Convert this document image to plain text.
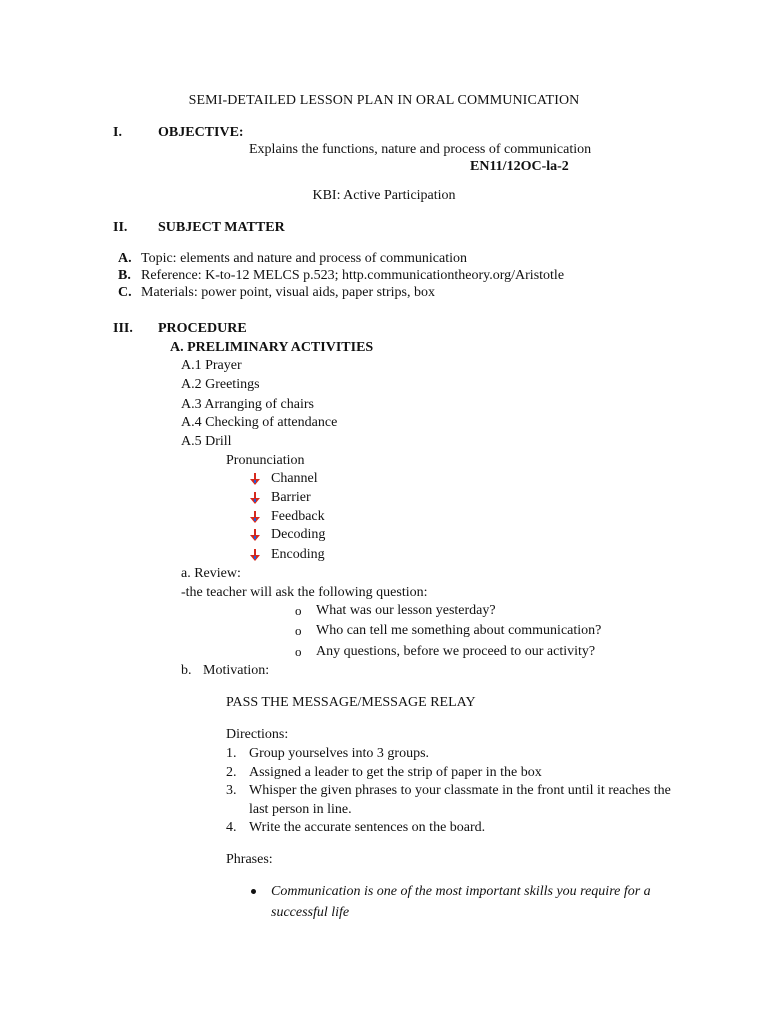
SEMI-DETAILED LESSON PLAN IN ORAL COMMUNICATION
I.	OBJECTIVE:
Explains the functions, nature and process of communication
EN11/12OC-la-2
KBI: Active Participation
II. SUBJECT MATTER
A. Topic: elements and nature and process of communication
B. Reference: K-to-12 MELCS p.523; http.communicationtheory.org/Aristotle
C. Materials: power point, visual aids, paper strips, box
III. PROCEDURE
A. PRELIMINARY ACTIVITIES
A.1 Prayer
A.2 Greetings
A.3 Arranging of chairs
A.4 Checking of attendance
A.5 Drill
Pronunciation
Channel
Barrier
Feedback
Decoding
Encoding
a. Review:
-the teacher will ask the following question:
o What was our lesson yesterday?
o Who can tell me something about communication?
o Any questions, before we proceed to our activity?
b. Motivation:
PASS THE MESSAGE/MESSAGE RELAY
Directions:
1. Group yourselves into 3 groups.
2. Assigned a leader to get the strip of paper in the box
3. Whisper the given phrases to your classmate in the front until it reaches the
last person in line.
4. Write the accurate sentences on the board.
Phrases:
Communication is one of the most important skills you require for a
successful life
